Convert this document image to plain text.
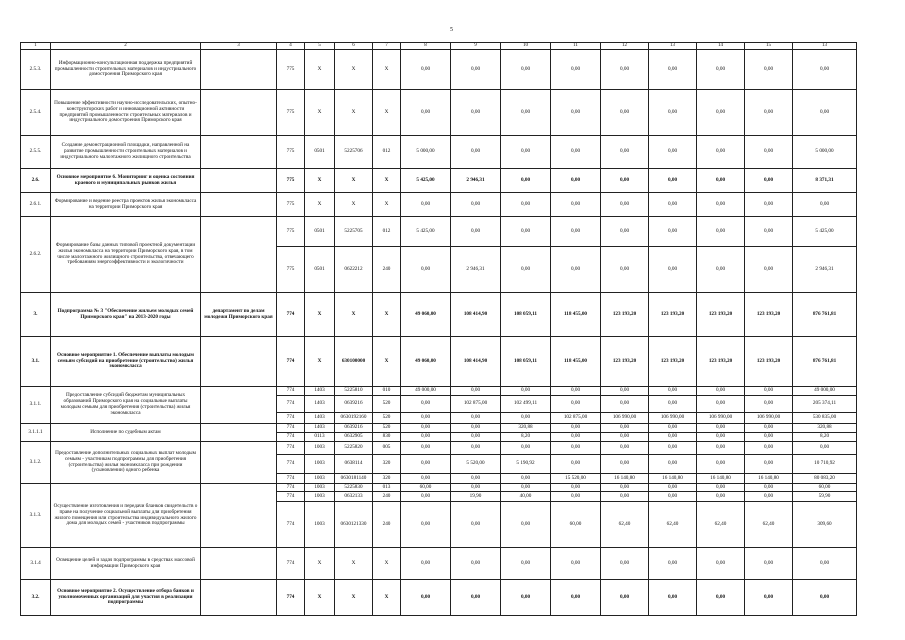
5
1	2	3	4	5	6	7	8	9	10	11	12	13	14	15	13
2.5.3.	Информационно-консультационная поддержка предприятий промышленности строительных материалов и индустриального домостроения Приморского края		775	X	X	X	0,00	0,00	0,00	0,00	0,00	0,00	0,00	0,00	0,00
2.5.4.	Повышение эффективности научно-исследовательских, опытно-конструкторских работ и инновационной активности предприятий промышленности строительных материалов и индустриального домостроения Приморского края		775	X	X	X	0,00	0,00	0,00	0,00	0,00	0,00	0,00	0,00	0,00
2.5.5.	Создание демонстрационной площадки, направленной на развитие промышленности строительных материалов и индустриального малоэтажного жилищного строительства		775	0501	5225706	012	5 000,00	0,00	0,00	0,00	0,00	0,00	0,00	0,00	5 000,00
2.6.	Основное мероприятие 6. Мониторинг и оценка состояния краевого и муниципальных рынков жилья		775	X	X	X	5 425,00	2 946,31	0,00	0,00	0,00	0,00	0,00	0,00	8 371,31
2.6.1.	Формирование и ведение реестра проектов жилья экономкласса на территории Приморского края		775	X	X	X	0,00	0,00	0,00	0,00	0,00	0,00	0,00	0,00	0,00
2.6.2.	Формирование базы данных типовой проектной документации жилья экономкласса на территории Приморского края, в том числе малоэтажного жилищного строительства, отвечающего требованиям энергоэффективности и экологичности		775	0501	5225705	012	5 425,00	0,00	0,00	0,00	0,00	0,00	0,00	0,00	5 425,00
			775	0501	0622212	240	0,00	2 946,31	0,00	0,00	0,00	0,00	0,00	0,00	2 946,31
3.	Подпрограмма № 3 "Обеспечение жильем молодых семей Приморского края" на 2013-2020 годы	департамент по делам молодежи Приморского края	774	X	X	X	49 060,00	108 414,90	108 059,11	118 455,00	123 193,20	123 193,20	123 193,20	123 193,20	876 761,81
3.1.	Основное мероприятие 1. Обеспечение выплаты молодым семьям субсидий на приобретение (строительство) жилья экономкласса		774	X	630100000	X	49 060,00	108 414,90	108 059,11	118 455,00	123 193,20	123 193,20	123 193,20	123 193,20	876 761,81
3.1.1.	Предоставление субсидий бюджетам муниципальных образований Приморского края на социальные выплаты молодым семьям для приобретения (строительства) жилья экономкласса		774	1403	5225810	010	49 000,00	0,00	0,00	0,00	0,00	0,00	0,00	0,00	49 000,00
			774	1403	0639216	520	0,00	102 875,00	102 499,11	0,00	0,00	0,00	0,00	0,00	205 374,11
			774	1403	0630192160	520	0,00	0,00	0,00	102 875,00	106 990,00	106 990,00	106 990,00	106 990,00	530 835,00
3.1.1.1	Исполнение по судебным актам		774	1403	0639216	520	0,00	0,00	320,88	0,00	0,00	0,00	0,00	0,00	320,88
			774	0113	0632905	830	0,00	0,00	8,20	0,00	0,00	0,00	0,00	0,00	8,20
3.1.2.	Предоставление дополнительных социальных выплат молодым семьям - участникам подпрограммы для приобретения (строительства) жилья экономкласса при рождении (усыновлении) одного ребенка		774	1003	5225820	005	0,00	0,00	0,00	0,00	0,00	0,00	0,00	0,00	0,00
			774	1003	0638114	320	0,00	5 520,00	5 190,92	0,00	0,00	0,00	0,00	0,00	10 710,92
			774	1003	0630181140	320	0,00	0,00	0,00	15 520,00	16 140,80	16 140,80	16 140,80	16 140,80	80 083,20
3.1.3.	Осуществление изготовления и передачи бланков свидетельств о праве на получение социальной выплаты для приобретения жилого помещения или строительства индивидуального жилого дома для молодых семей - участников подпрограммы		774	1003	5225830	013	60,00	0,00	0,00	0,00	0,00	0,00	0,00	0,00	60,00
			774	1003	0632133	240	0,00	19,90	40,00	0,00	0,00	0,00	0,00	0,00	59,90
			774	1003	0630121330	240	0,00	0,00	0,00	60,00	62,40	62,40	62,40	62,40	309,60
3.1.4	Освещение целей и задач подпрограммы в средствах массовой информации Приморского края		774	X	X	X	0,00	0,00	0,00	0,00	0,00	0,00	0,00	0,00	0,00
3.2.	Основное мероприятие 2. Осуществление отбора банков и уполномоченных организаций для участия в реализации подпрограммы		774	X	X	X	0,00	0,00	0,00	0,00	0,00	0,00	0,00	0,00	0,00
